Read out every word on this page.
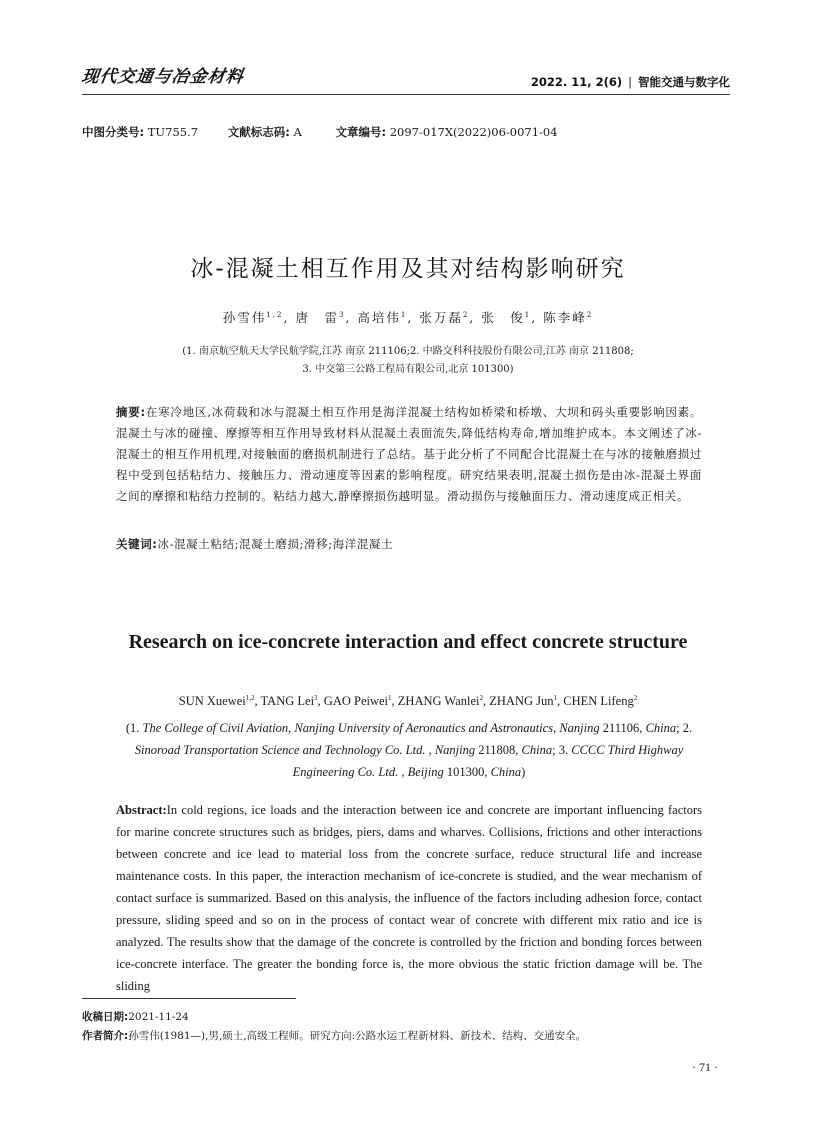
现代交通与冶金材料	2022. 11, 2(6) | 智能交通与数字化
中图分类号: TU755.7	文献标志码: A	文章编号: 2097-017X(2022)06-0071-04
冰-混凝土相互作用及其对结构影响研究
孙雪伟$^{1,2}$, 唐　雷$^3$, 高培伟$^1$, 张万磊$^2$, 张　俊$^1$, 陈李峰$^2$
(1. 南京航空航天大学民航学院,江苏 南京 211106;2. 中路交科科技股份有限公司,江苏 南京 211808;
3. 中交第三公路工程局有限公司,北京 101300)
摘要:在寒冷地区,冰荷载和冰与混凝土相互作用是海洋混凝土结构如桥梁和桥墩、大坝和码头重要影响因素。混凝土与冰的碰撞、摩擦等相互作用导致材料从混凝土表面流失,降低结构寿命,增加维护成本。本文阐述了冰-混凝土的相互作用机理,对接触面的磨损机制进行了总结。基于此分析了不同配合比混凝土在与冰的接触磨损过程中受到包括粘结力、接触压力、滑动速度等因素的影响程度。研究结果表明,混凝土损伤是由冰-混凝土界面之间的摩擦和粘结力控制的。粘结力越大,静摩擦损伤越明显。滑动损伤与接触面压力、滑动速度成正相关。
关键词:冰-混凝土粘结;混凝土磨损;滑移;海洋混凝土
Research on ice-concrete interaction and effect concrete structure
SUN Xuewei$^{1,2}$, TANG Lei$^3$, GAO Peiwei$^1$, ZHANG Wanlei$^2$, ZHANG Jun$^1$, CHEN Lifeng$^2$
(1. The College of Civil Aviation, Nanjing University of Aeronautics and Astronautics, Nanjing 211106, China; 2. Sinoroad Transportation Science and Technology Co. Ltd. , Nanjing 211808, China; 3. CCCC Third Highway Engineering Co. Ltd. , Beijing 101300, China)
Abstract:In cold regions, ice loads and the interaction between ice and concrete are important influencing factors for marine concrete structures such as bridges, piers, dams and wharves. Collisions, frictions and other interactions between concrete and ice lead to material loss from the concrete surface, reduce structural life and increase maintenance costs. In this paper, the interaction mechanism of ice-concrete is studied, and the wear mechanism of contact surface is summarized. Based on this analysis, the influence of the factors including adhesion force, contact pressure, sliding speed and so on in the process of contact wear of concrete with different mix ratio and ice is analyzed. The results show that the damage of the concrete is controlled by the friction and bonding forces between ice-concrete interface. The greater the bonding force is, the more obvious the static friction damage will be. The sliding
收稿日期:2021-11-24
作者简介:孙雪伟(1981—),男,硕士,高级工程师。研究方向:公路水运工程新材料、新技术、结构、交通安全。
· 71 ·
